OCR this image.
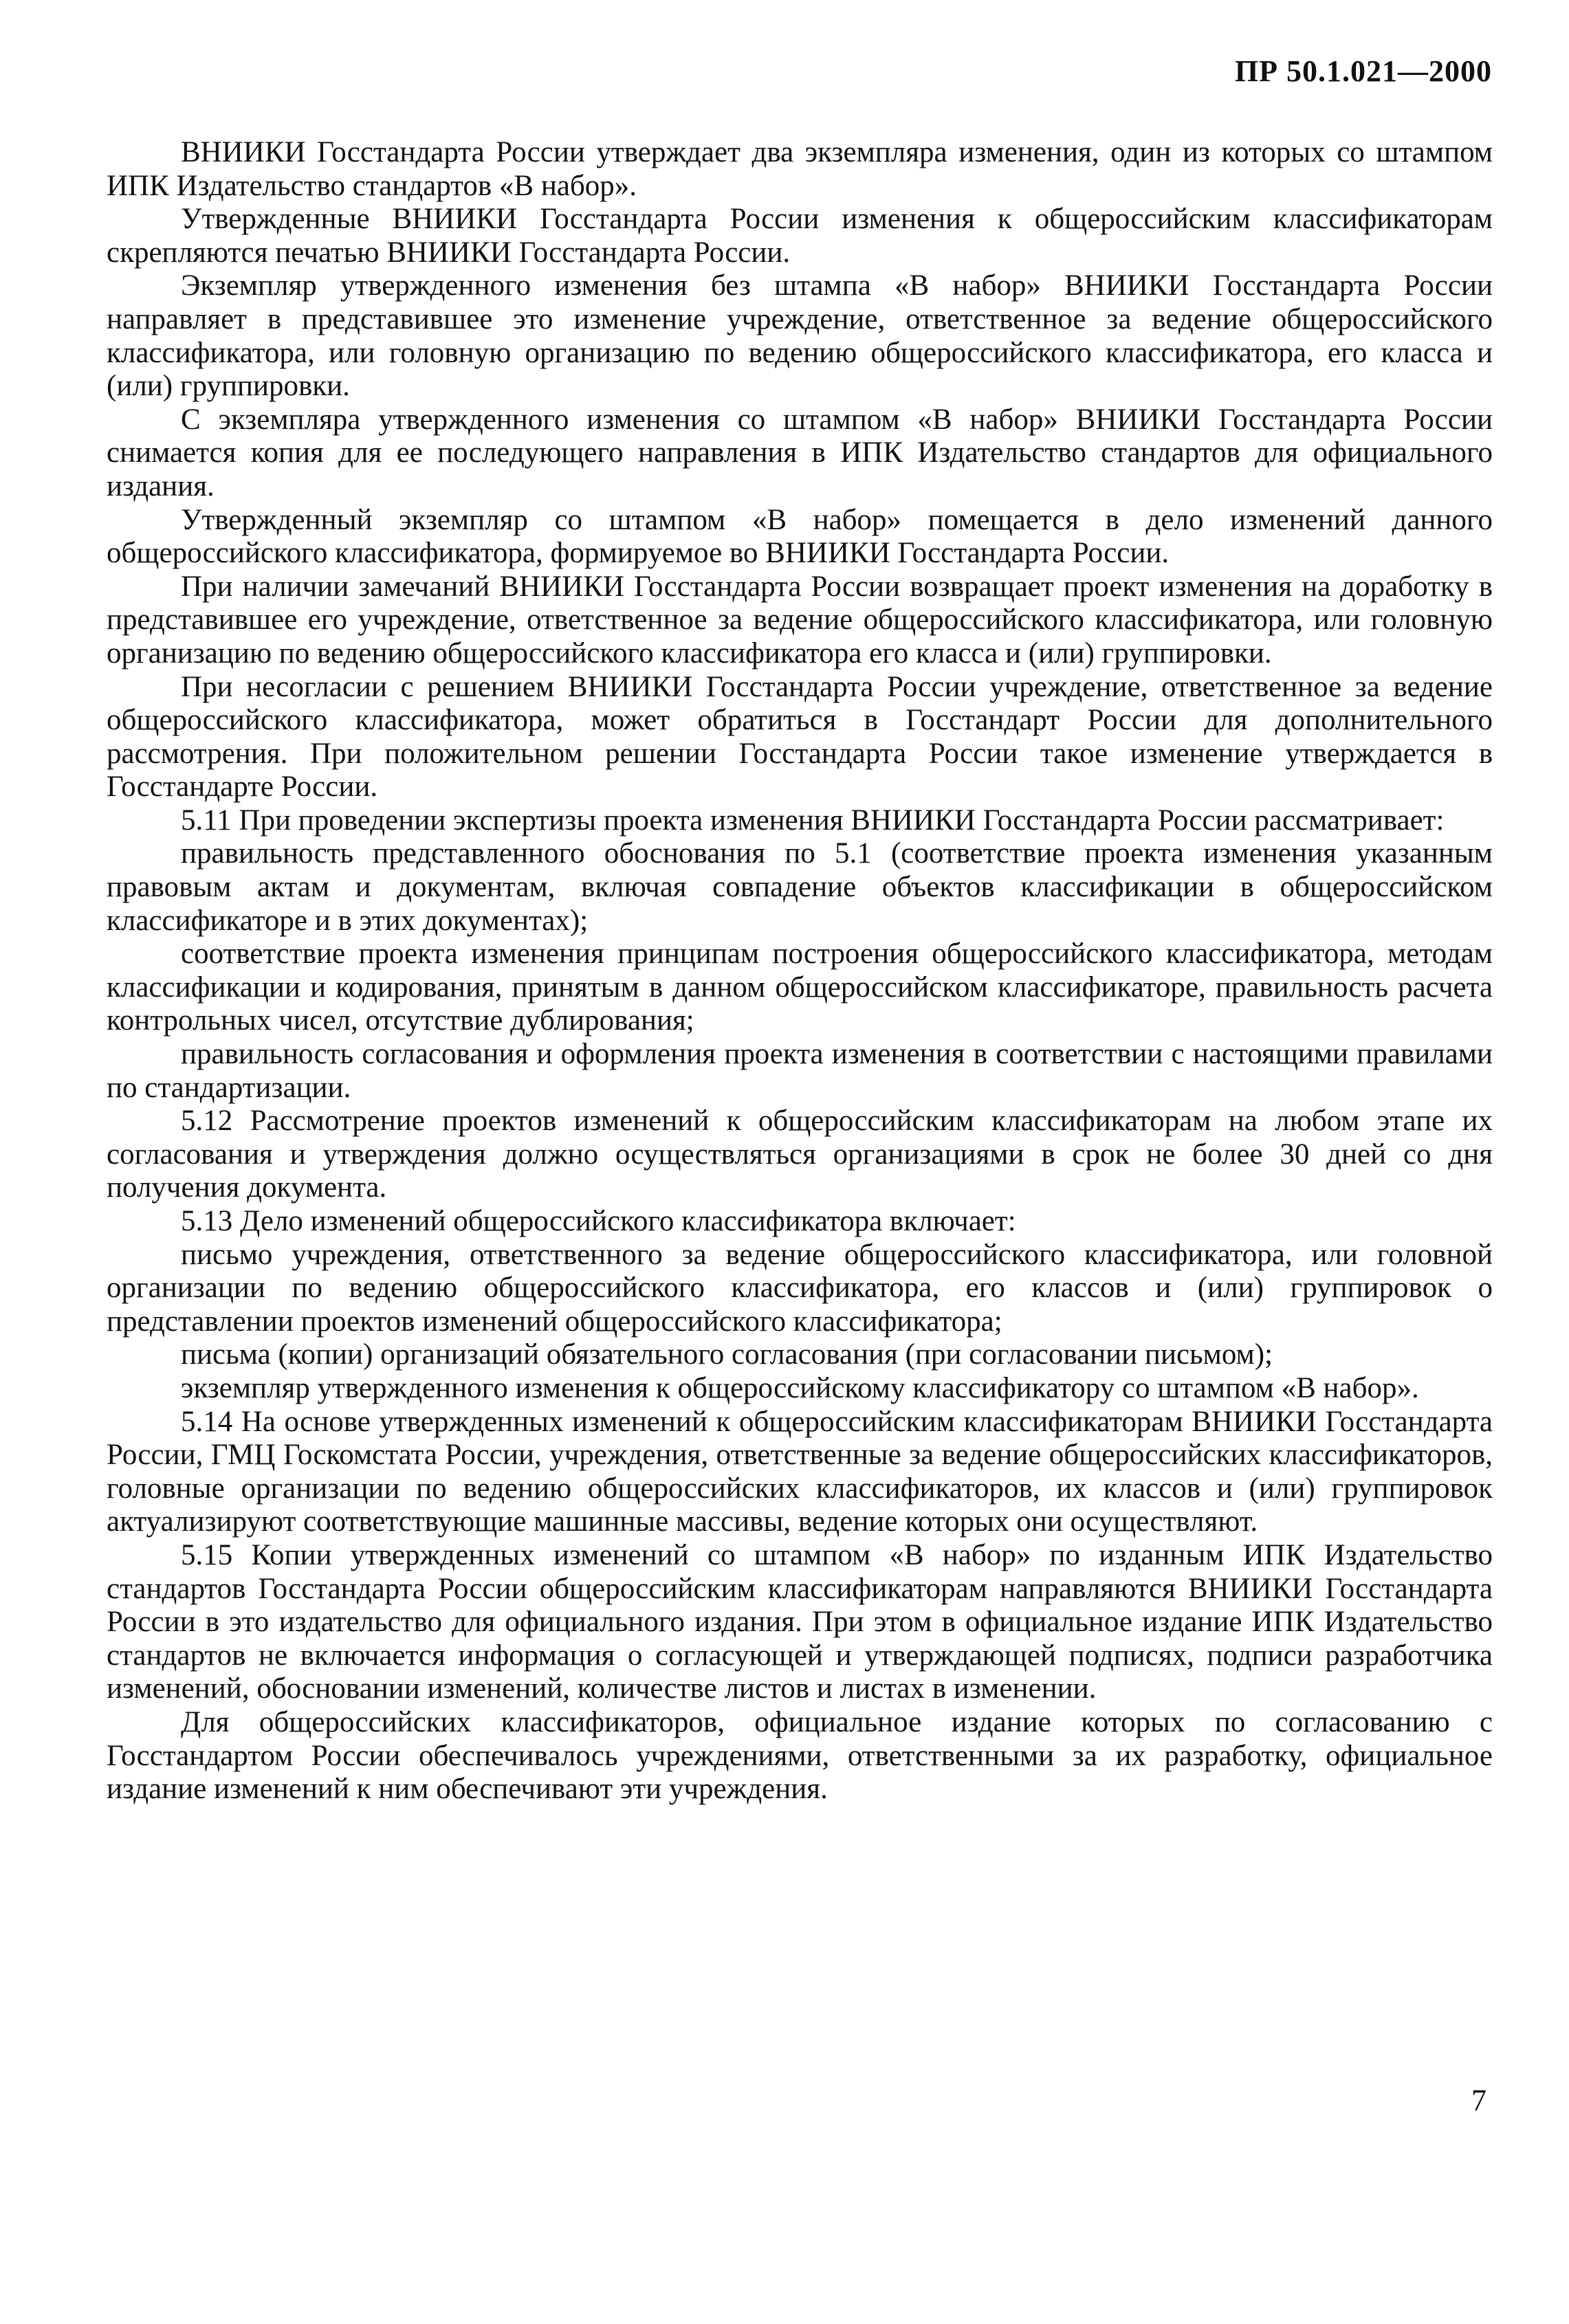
ПР 50.1.021—2000

ВНИИКИ Госстандарта России утверждает два экземпляра изменения, один из которых со штампом ИПК Издательство стандартов «В набор».

Утвержденные ВНИИКИ Госстандарта России изменения к общероссийским классификаторам скрепляются печатью ВНИИКИ Госстандарта России.

Экземпляр утвержденного изменения без штампа «В набор» ВНИИКИ Госстандарта России направляет в представившее это изменение учреждение, ответственное за ведение общероссийского классификатора, или головную организацию по ведению общероссийского классификатора, его класса и (или) группировки.

С экземпляра утвержденного изменения со штампом «В набор» ВНИИКИ Госстандарта России снимается копия для ее последующего направления в ИПК Издательство стандартов для официального издания.

Утвержденный экземпляр со штампом «В набор» помещается в дело изменений данного общероссийского классификатора, формируемое во ВНИИКИ Госстандарта России.

При наличии замечаний ВНИИКИ Госстандарта России возвращает проект изменения на доработку в представившее его учреждение, ответственное за ведение общероссийского классификатора, или головную организацию по ведению общероссийского классификатора его класса и (или) группировки.

При несогласии с решением ВНИИКИ Госстандарта России учреждение, ответственное за ведение общероссийского классификатора, может обратиться в Госстандарт России для дополнительного рассмотрения. При положительном решении Госстандарта России такое изменение утверждается в Госстандарте России.

5.11 При проведении экспертизы проекта изменения ВНИИКИ Госстандарта России рассматривает:

правильность представленного обоснования по 5.1 (соответствие проекта изменения указанным правовым актам и документам, включая совпадение объектов классификации в общероссийском классификаторе и в этих документах);

соответствие проекта изменения принципам построения общероссийского классификатора, методам классификации и кодирования, принятым в данном общероссийском классификаторе, правильность расчета контрольных чисел, отсутствие дублирования;

правильность согласования и оформления проекта изменения в соответствии с настоящими правилами по стандартизации.

5.12 Рассмотрение проектов изменений к общероссийским классификаторам на любом этапе их согласования и утверждения должно осуществляться организациями в срок не более 30 дней со дня получения документа.

5.13 Дело изменений общероссийского классификатора включает:

письмо учреждения, ответственного за ведение общероссийского классификатора, или головной организации по ведению общероссийского классификатора, его классов и (или) группировок о представлении проектов изменений общероссийского классификатора;

письма (копии) организаций обязательного согласования (при согласовании письмом);

экземпляр утвержденного изменения к общероссийскому классификатору со штампом «В набор».

5.14 На основе утвержденных изменений к общероссийским классификаторам ВНИИКИ Госстандарта России, ГМЦ Госкомстата России, учреждения, ответственные за ведение общероссийских классификаторов, головные организации по ведению общероссийских классификаторов, их классов и (или) группировок актуализируют соответствующие машинные массивы, ведение которых они осуществляют.

5.15 Копии утвержденных изменений со штампом «В набор» по изданным ИПК Издательство стандартов Госстандарта России общероссийским классификаторам направляются ВНИИКИ Госстандарта России в это издательство для официального издания. При этом в официальное издание ИПК Издательство стандартов не включается информация о согласующей и утверждающей подписях, подписи разработчика изменений, обосновании изменений, количестве листов и листах в изменении.

Для общероссийских классификаторов, официальное издание которых по согласованию с Госстандартом России обеспечивалось учреждениями, ответственными за их разработку, официальное издание изменений к ним обеспечивают эти учреждения.

7
